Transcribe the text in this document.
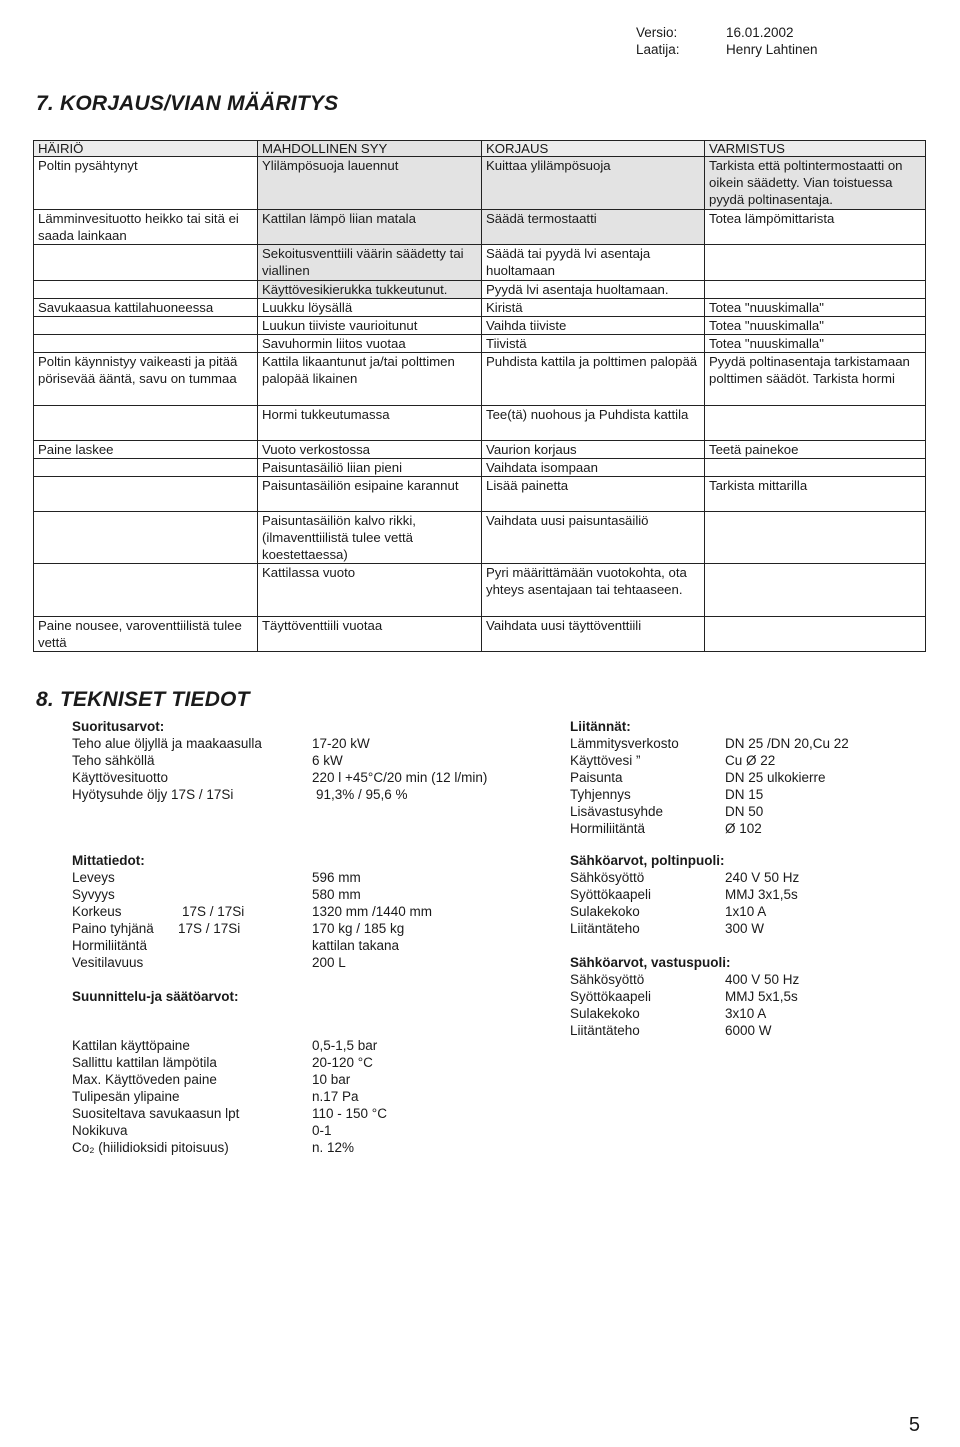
Versio:	16.01.2002
Laatija:	Henry Lahtinen
7. KORJAUS/VIAN MÄÄRITYS
HÄIRIÖ	MAHDOLLINEN SYY	KORJAUS	VARMISTUS
Poltin pysähtynyt	Ylilämpösuoja lauennut	Kuittaa ylilämpösuoja	Tarkista että poltintermostaatti on oikein säädetty. Vian toistuessa pyydä poltinasentaja.
Lämminvesituotto heikko tai sitä ei saada lainkaan	Kattilan lämpö liian matala	Säädä termostaatti	Totea lämpömittarista
	Sekoitusventtiili väärin säädetty tai viallinen	Säädä tai pyydä lvi asentaja huoltamaan	
	Käyttövesikierukka tukkeutunut.	Pyydä lvi asentaja huoltamaan.	
Savukaasua kattilahuoneessa	Luukku löysällä	Kiristä	Totea "nuuskimalla"
	Luukun tiiviste vaurioitunut	Vaihda tiiviste	Totea "nuuskimalla"
	Savuhormin liitos vuotaa	Tiivistä	Totea "nuuskimalla"
Poltin käynnistyy vaikeasti ja pitää pörisevää ääntä, savu on tummaa	Kattila likaantunut ja/tai polttimen palopää likainen	Puhdista kattila ja polttimen palopää	Pyydä poltinasentaja tarkistamaan polttimen säädöt. Tarkista hormi
	Hormi tukkeutumassa	Tee(tä) nuohous ja Puhdista kattila	
Paine laskee	Vuoto verkostossa	Vaurion korjaus	Teetä painekoe
	Paisuntasäiliö liian pieni	Vaihdata isompaan	
	Paisuntasäiliön esipaine karannut	Lisää painetta	Tarkista mittarilla
	Paisuntasäiliön kalvo rikki, (ilmaventtiilistä tulee vettä koestettaessa)	Vaihdata uusi paisuntasäiliö	
	Kattilassa vuoto	Pyri määrittämään vuotokohta, ota yhteys asentajaan tai tehtaaseen.	
Paine nousee, varoventtiilistä tulee vettä	Täyttöventtiili vuotaa	Vaihdata uusi täyttöventtiili	
8. TEKNISET TIEDOT
Suoritusarvot:
Teho alue öljyllä ja maakaasulla	17-20 kW
Teho sähköllä	6 kW
Käyttövesituotto	220 l +45°C/20 min (12 l/min)
Hyötysuhde öljy 17S / 17Si	91,3% / 95,6 %
Liitännät:
Lämmitysverkosto	DN 25 /DN 20,Cu 22
Käyttövesi ”	Cu Ø 22
Paisunta	DN 25 ulkokierre
Tyhjennys	DN 15
Lisävastusyhde	DN 50
Hormiliitäntä	Ø 102
Mittatiedot:
Leveys	596 mm
Syvyys	580 mm
Korkeus	17S / 17Si	1320 mm /1440 mm
Paino tyhjänä	17S / 17Si	170 kg / 185 kg
Hormiliitäntä	kattilan takana
Vesitilavuus	200 L
Suunnittelu-ja säätöarvot:
Kattilan käyttöpaine	0,5-1,5 bar
Sallittu kattilan lämpötila	20-120 °C
Max. Käyttöveden paine	10 bar
Tulipesän ylipaine	n.17 Pa
Suositeltava savukaasun lpt	110 - 150 °C
Nokikuva	0-1
Co₂ (hiilidioksidi pitoisuus)	n. 12%
Sähköarvot, poltinpuoli:
Sähkösyöttö	240 V 50 Hz
Syöttökaapeli	MMJ 3x1,5s
Sulakekoko	1x10 A
Liitäntäteho	300 W
Sähköarvot, vastuspuoli:
Sähkösyöttö	400 V 50 Hz
Syöttökaapeli	MMJ 5x1,5s
Sulakekoko	3x10 A
Liitäntäteho	6000 W
5
